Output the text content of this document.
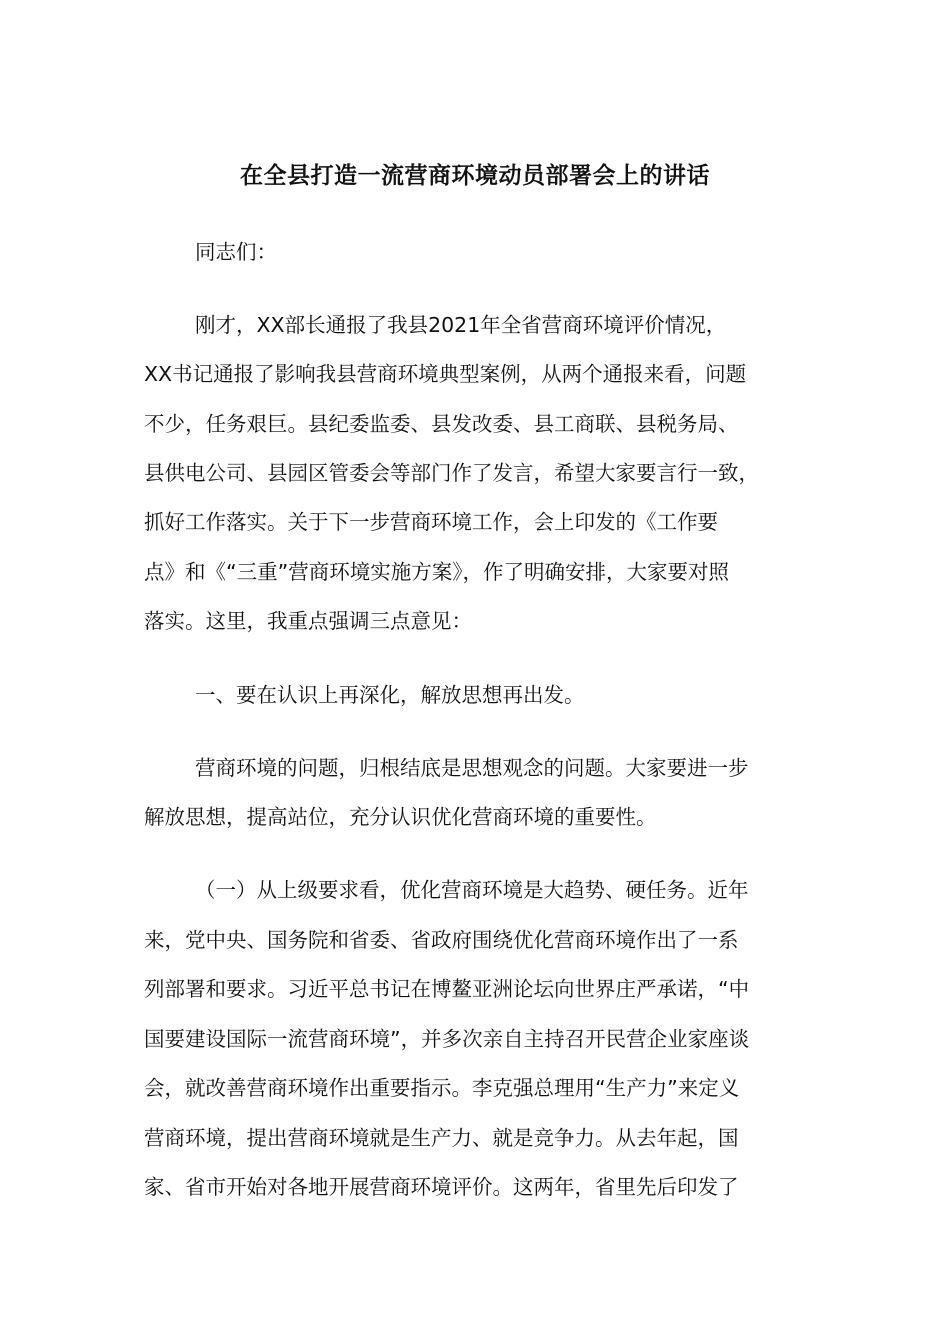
在全县打造一流营商环境动员部署会上的讲话
同志们：
刚才，XX部长通报了我县2021年全省营商环境评价情况，
XX书记通报了影响我县营商环境典型案例，从两个通报来看，问题
不少，任务艰巨。县纪委监委、县发改委、县工商联、县税务局、
县供电公司、县园区管委会等部门作了发言，希望大家要言行一致，
抓好工作落实。关于下一步营商环境工作，会上印发的《工作要
点》和《“三重”营商环境实施方案》，作了明确安排，大家要对照
落实。这里，我重点强调三点意见：
一、要在认识上再深化，解放思想再出发。
营商环境的问题，归根结底是思想观念的问题。大家要进一步
解放思想，提高站位，充分认识优化营商环境的重要性。
（一）从上级要求看，优化营商环境是大趋势、硬任务。近年
来，党中央、国务院和省委、省政府围绕优化营商环境作出了一系
列部署和要求。习近平总书记在博鳌亚洲论坛向世界庄严承诺，“中
国要建设国际一流营商环境”，并多次亲自主持召开民营企业家座谈
会，就改善营商环境作出重要指示。李克强总理用“生产力”来定义
营商环境，提出营商环境就是生产力、就是竞争力。从去年起，国
家、省市开始对各地开展营商环境评价。这两年，省里先后印发了
